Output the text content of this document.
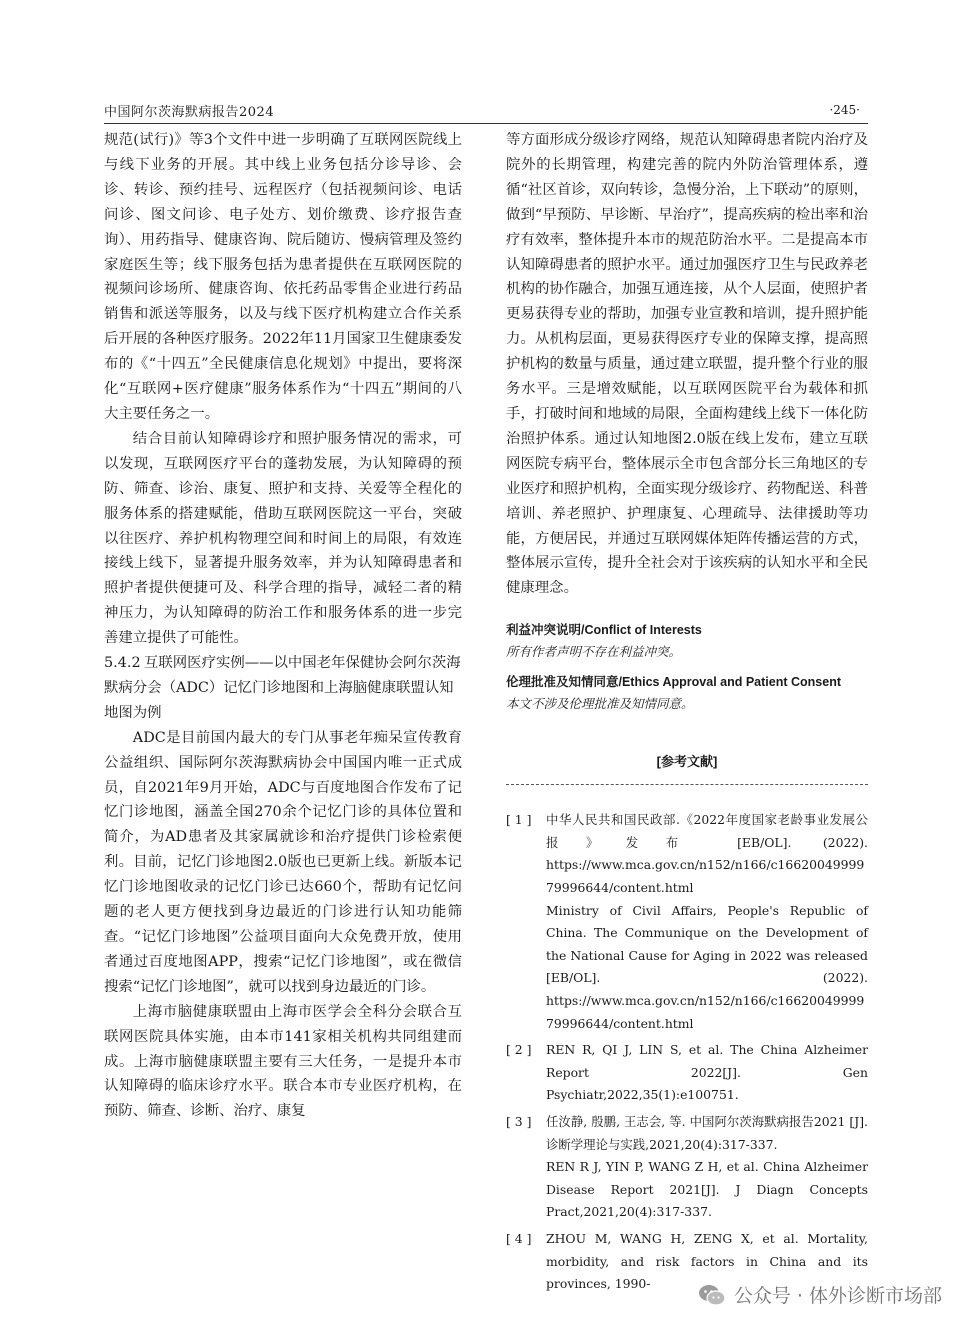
中国阿尔茨海默病报告2024	·245·

规范(试行)》等3个文件中进一步明确了互联网医院线上与线下业务的开展。其中线上业务包括分诊导诊、会诊、转诊、预约挂号、远程医疗（包括视频问诊、电话问诊、图文问诊、电子处方、划价缴费、诊疗报告查询）、用药指导、健康咨询、院后随访、慢病管理及签约家庭医生等；线下服务包括为患者提供在互联网医院的视频问诊场所、健康咨询、依托药品零售企业进行药品销售和派送等服务，以及与线下医疗机构建立合作关系后开展的各种医疗服务。2022年11月国家卫生健康委发布的《“十四五”全民健康信息化规划》中提出，要将深化“互联网+医疗健康”服务体系作为“十四五”期间的八大主要任务之一。

结合目前认知障碍诊疗和照护服务情况的需求，可以发现，互联网医疗平台的蓬勃发展，为认知障碍的预防、筛查、诊治、康复、照护和支持、关爱等全程化的服务体系的搭建赋能，借助互联网医院这一平台，突破以往医疗、养护机构物理空间和时间上的局限，有效连接线上线下，显著提升服务效率，并为认知障碍患者和照护者提供便捷可及、科学合理的指导，减轻二者的精神压力，为认知障碍的防治工作和服务体系的进一步完善建立提供了可能性。

5.4.2 互联网医疗实例——以中国老年保健协会阿尔茨海默病分会（ADC）记忆门诊地图和上海脑健康联盟认知地图为例

ADC是目前国内最大的专门从事老年痴呆宣传教育公益组织、国际阿尔茨海默病协会中国国内唯一正式成员，自2021年9月开始，ADC与百度地图合作发布了记忆门诊地图，涵盖全国270余个记忆门诊的具体位置和简介，为AD患者及其家属就诊和治疗提供门诊检索便利。目前，记忆门诊地图2.0版也已更新上线。新版本记忆门诊地图收录的记忆门诊已达660个，帮助有记忆问题的老人更方便找到身边最近的门诊进行认知功能筛查。“记忆门诊地图”公益项目面向大众免费开放，使用者通过百度地图APP，搜索“记忆门诊地图”，或在微信搜索“记忆门诊地图”，就可以找到身边最近的门诊。

上海市脑健康联盟由上海市医学会全科分会联合互联网医院具体实施，由本市141家相关机构共同组建而成。上海市脑健康联盟主要有三大任务，一是提升本市认知障碍的临床诊疗水平。联合本市专业医疗机构，在预防、筛查、诊断、治疗、康复

等方面形成分级诊疗网络，规范认知障碍患者院内治疗及院外的长期管理，构建完善的院内外防治管理体系，遵循“社区首诊，双向转诊，急慢分治，上下联动”的原则，做到“早预防、早诊断、早治疗”，提高疾病的检出率和治疗有效率，整体提升本市的规范防治水平。二是提高本市认知障碍患者的照护水平。通过加强医疗卫生与民政养老机构的协作融合，加强互通连接，从个人层面，使照护者更易获得专业的帮助，加强专业宣教和培训，提升照护能力。从机构层面，更易获得医疗专业的保障支撑，提高照护机构的数量与质量，通过建立联盟，提升整个行业的服务水平。三是增效赋能，以互联网医院平台为载体和抓手，打破时间和地域的局限，全面构建线上线下一体化防治照护体系。通过认知地图2.0版在线上发布，建立互联网医院专病平台，整体展示全市包含部分长三角地区的专业医疗和照护机构，全面实现分级诊疗、药物配送、科普培训、养老照护、护理康复、心理疏导、法律援助等功能，方便居民，并通过互联网媒体矩阵传播运营的方式，整体展示宣传，提升全社会对于该疾病的认知水平和全民健康理念。

利益冲突说明/Conflict of Interests

所有作者声明不存在利益冲突。

伦理批准及知情同意/Ethics Approval and Patient Consent

本文不涉及伦理批准及知情同意。

[参考文献]
[ 1 ]	中华人民共和国民政部.《2022年度国家老龄事业发展公报》发布 [EB/OL]. (2022). https://www.mca.gov.cn/n152/n166/c1662004999979996644/content.html
Ministry of Civil Affairs, People's Republic of China. The Communique on the Development of the National Cause for Aging in 2022 was released [EB/OL]. (2022). https://www.mca.gov.cn/n152/n166/c1662004999979996644/content.html
[ 2 ]	REN R, QI J, LIN S, et al. The China Alzheimer Report 2022[J]. Gen Psychiatr,2022,35(1):e100751.
[ 3 ]	任汝静, 殷鹏, 王志会, 等. 中国阿尔茨海默病报告2021 [J]. 诊断学理论与实践,2021,20(4):317-337.
REN R J, YIN P, WANG Z H, et al. China Alzheimer Disease Report 2021[J]. J Diagn Concepts Pract,2021,20(4):317-337.
[ 4 ]	ZHOU M, WANG H, ZENG X, et al. Mortality, morbidity, and risk factors in China and its provinces, 1990-
公众号 · 体外诊断市场部
